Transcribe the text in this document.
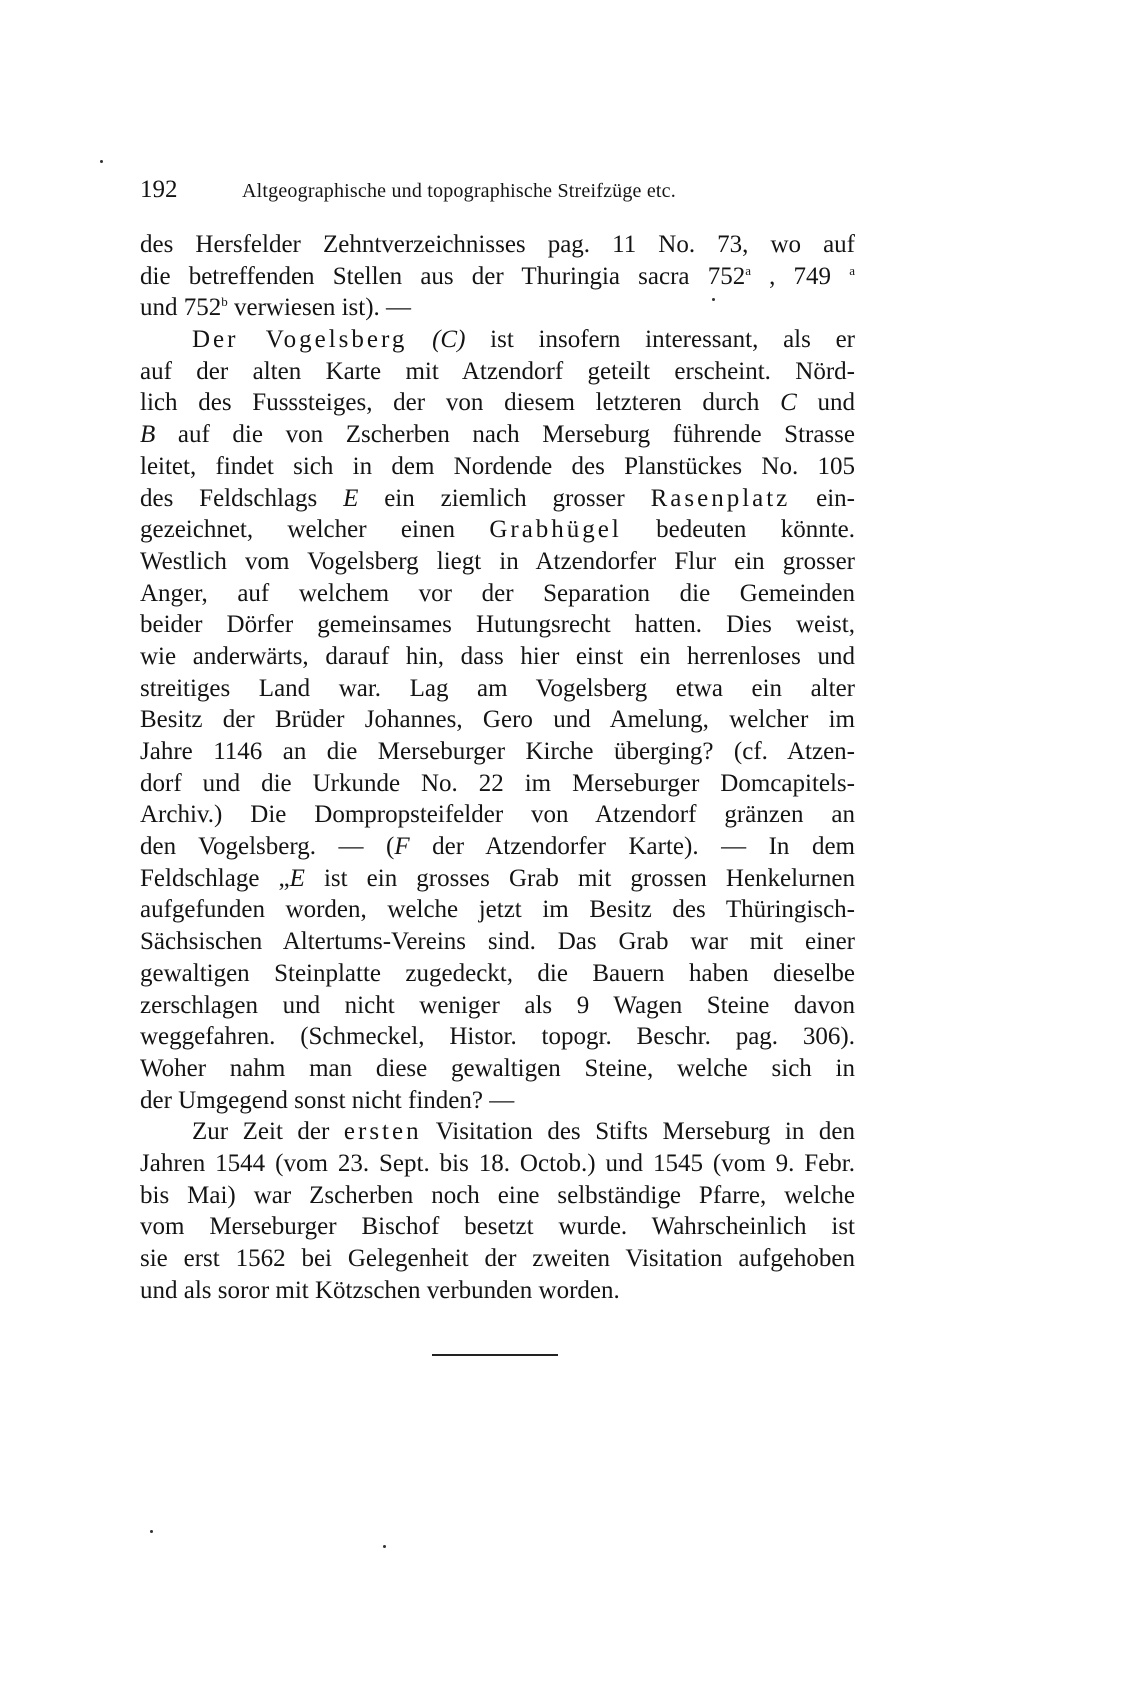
192	Altgeographische und topographische Streifzüge etc.
des Hersfelder Zehntverzeichnisses pag. 11 No. 73, wo auf
die betreffenden Stellen aus der Thuringia sacra 752$^a$ , 749 $^a$
und 752$^b$ verwiesen ist). —
Der Vogelsberg (C) ist insofern interessant, als er
auf der alten Karte mit Atzendorf geteilt erscheint. Nörd-
lich des Fusssteiges, der von diesem letzteren durch C und
B auf die von Zscherben nach Merseburg führende Strasse
leitet, findet sich in dem Nordende des Planstückes No. 105
des Feldschlags E ein ziemlich grosser Rasenplatz ein-
gezeichnet, welcher einen Grabhügel bedeuten könnte.
Westlich vom Vogelsberg liegt in Atzendorfer Flur ein grosser
Anger, auf welchem vor der Separation die Gemeinden
beider Dörfer gemeinsames Hutungsrecht hatten. Dies weist,
wie anderwärts, darauf hin, dass hier einst ein herrenloses und
streitiges Land war. Lag am Vogelsberg etwa ein alter
Besitz der Brüder Johannes, Gero und Amelung, welcher im
Jahre 1146 an die Merseburger Kirche überging? (cf. Atzen-
dorf und die Urkunde No. 22 im Merseburger Domcapitels-
Archiv.) Die Dompropsteifelder von Atzendorf gränzen an
den Vogelsberg. — (F der Atzendorfer Karte). — In dem
Feldschlage „E ist ein grosses Grab mit grossen Henkelurnen
aufgefunden worden, welche jetzt im Besitz des Thüringisch-
Sächsischen Altertums-Vereins sind. Das Grab war mit einer
gewaltigen Steinplatte zugedeckt, die Bauern haben dieselbe
zerschlagen und nicht weniger als 9 Wagen Steine davon
weggefahren. (Schmeckel, Histor. topogr. Beschr. pag. 306).
Woher nahm man diese gewaltigen Steine, welche sich in
der Umgegend sonst nicht finden? —
Zur Zeit der ersten Visitation des Stifts Merseburg in den
Jahren 1544 (vom 23. Sept. bis 18. Octob.) und 1545 (vom 9. Febr.
bis Mai) war Zscherben noch eine selbständige Pfarre, welche
vom Merseburger Bischof besetzt wurde. Wahrscheinlich ist
sie erst 1562 bei Gelegenheit der zweiten Visitation aufgehoben
und als soror mit Kötzschen verbunden worden.
